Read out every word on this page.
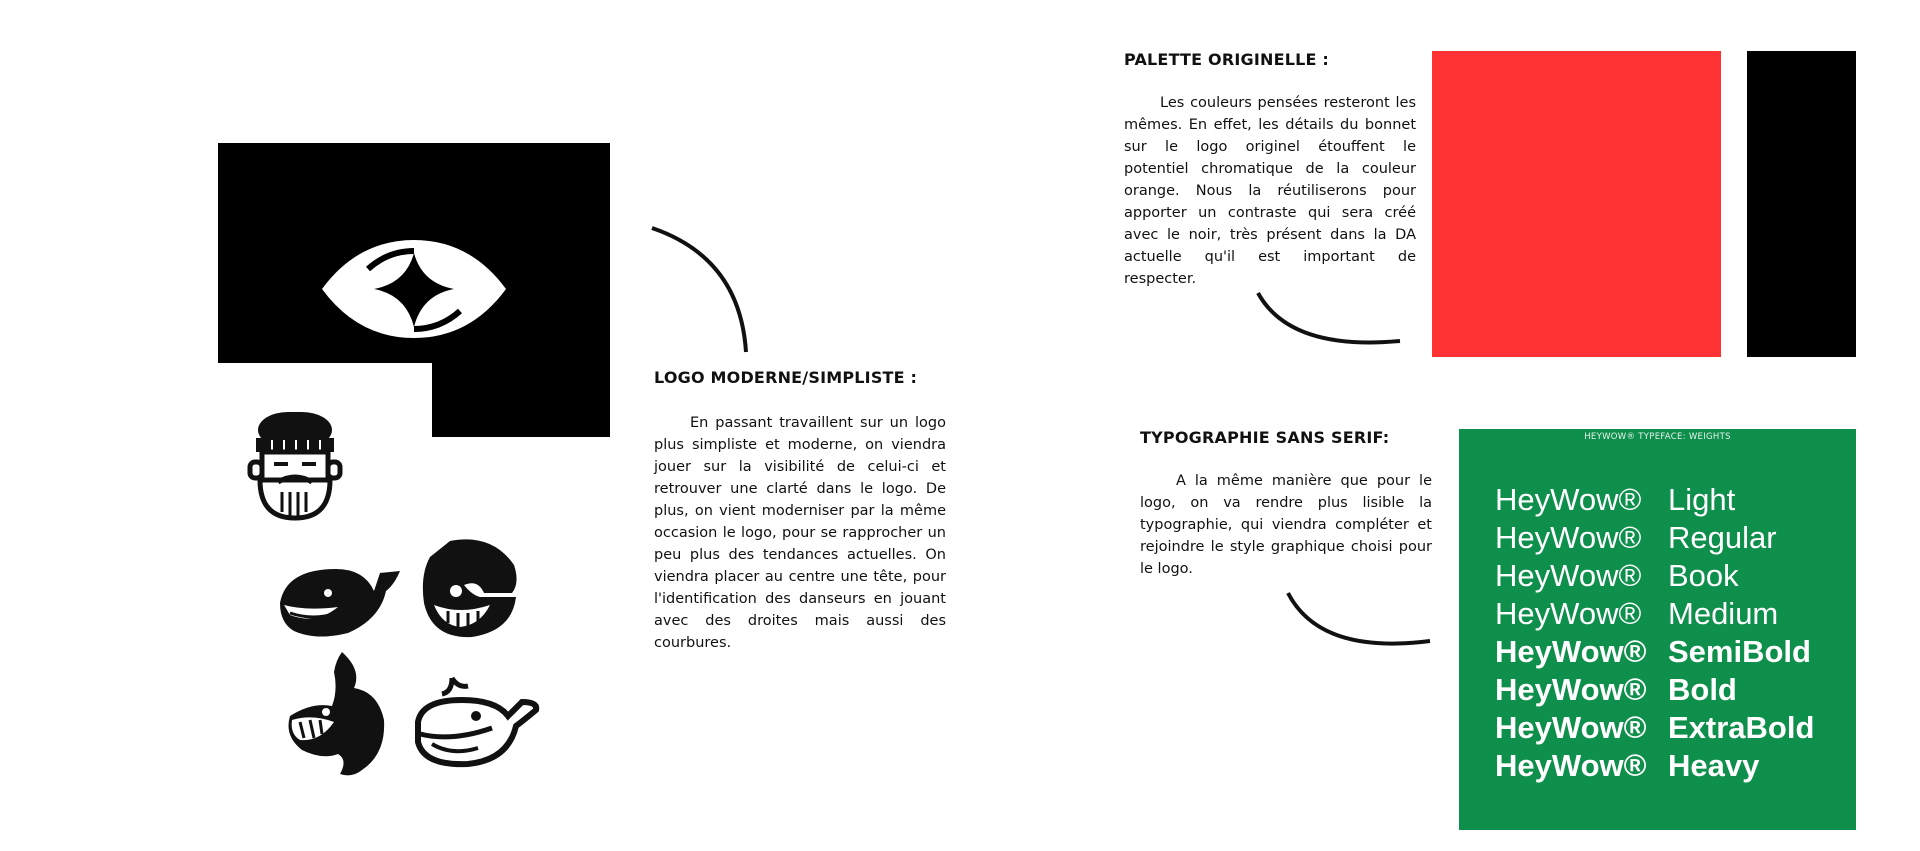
LOGO MODERNE/SIMPLISTE :

En passant travaillent sur un logo plus simpliste et moderne, on viendra jouer sur la visibilité de celui-ci et retrouver une clarté dans le logo. De plus, on vient moderniser par la même occasion le logo, pour se rapprocher un peu plus des tendances actuelles. On viendra placer au centre une tête, pour l'identification des danseurs en jouant avec des droites mais aussi des courbures.

PALETTE ORIGINELLE :

Les couleurs pensées resteront les mêmes. En effet, les détails du bonnet sur le logo originel étouffent le potentiel chromatique de la couleur orange. Nous la réutiliserons pour apporter un contraste qui sera créé avec le noir, très présent dans la DA actuelle qu'il est important de respecter.

TYPOGRAPHIE SANS SERIF:

A la même manière que pour le logo, on va rendre plus lisible la typographie, qui viendra compléter et rejoindre le style graphique choisi pour le logo.

HEYWOW® TYPEFACE: WEIGHTS
HeyWow® Light
HeyWow® Regular
HeyWow® Book
HeyWow® Medium
HeyWow® SemiBold
HeyWow® Bold
HeyWow® ExtraBold
HeyWow® Heavy
